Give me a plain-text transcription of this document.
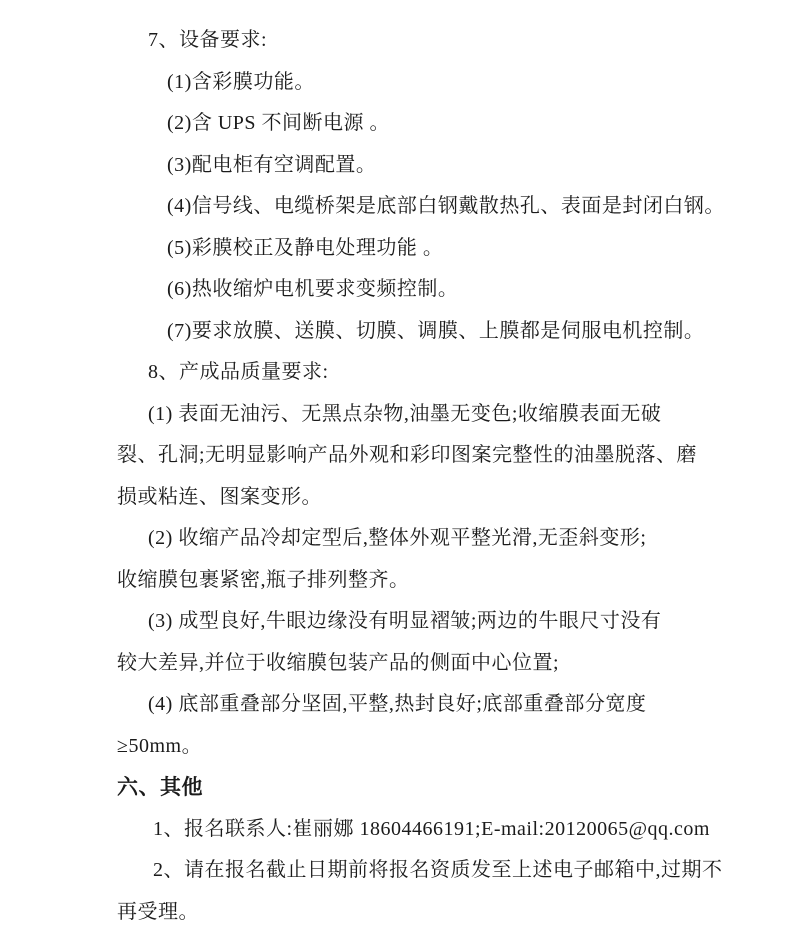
7、设备要求:
(1)含彩膜功能。
(2)含 UPS 不间断电源 。
(3)配电柜有空调配置。
(4)信号线、电缆桥架是底部白钢戴散热孔、表面是封闭白钢。
(5)彩膜校正及静电处理功能 。
(6)热收缩炉电机要求变频控制。
(7)要求放膜、送膜、切膜、调膜、上膜都是伺服电机控制。
8、产成品质量要求:
(1) 表面无油污、无黑点杂物,油墨无变色;收缩膜表面无破
裂、孔洞;无明显影响产品外观和彩印图案完整性的油墨脱落、磨
损或粘连、图案变形。
(2) 收缩产品冷却定型后,整体外观平整光滑,无歪斜变形;
收缩膜包裹紧密,瓶子排列整齐。
(3) 成型良好,牛眼边缘没有明显褶皱;两边的牛眼尺寸没有
较大差异,并位于收缩膜包装产品的侧面中心位置;
(4) 底部重叠部分坚固,平整,热封良好;底部重叠部分宽度
≥50mm。
六、其他
1、报名联系人:崔丽娜 18604466191;E-mail:20120065@qq.com
2、请在报名截止日期前将报名资质发至上述电子邮箱中,过期不
再受理。
